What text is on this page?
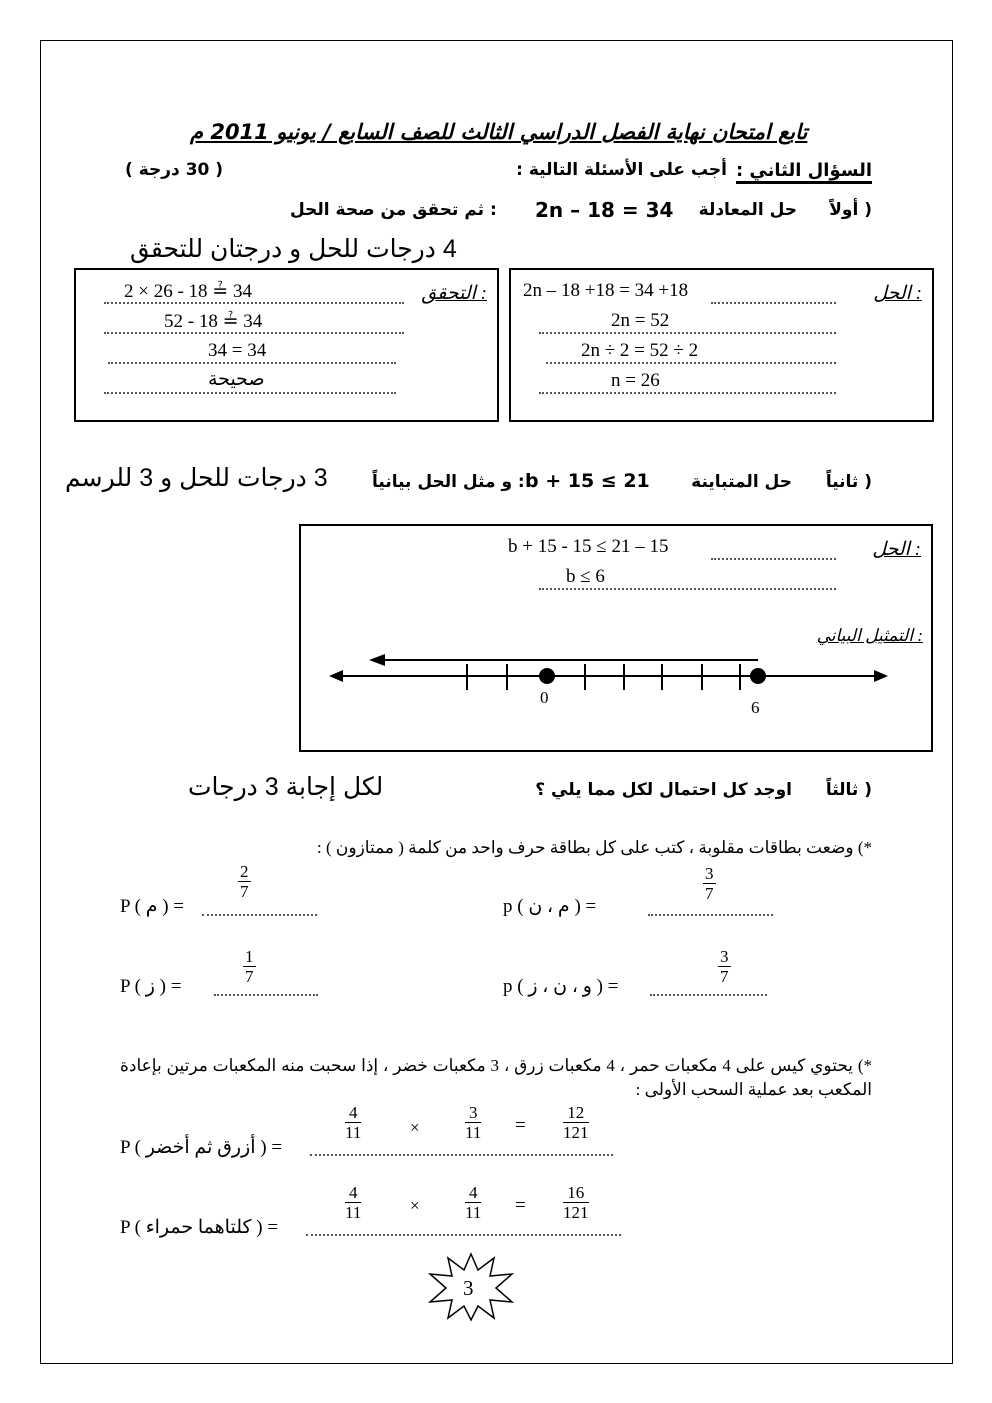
تابع امتحان نهاية الفصل الدراسي الثالث للصف السابع / يونيو 2011 م
السؤال الثاني :
أجب على الأسئلة التالية :
( 30 درجة )
أولاً )
حل المعادلة
2n – 18 = 34
ثم تحقق من صحة الحل :
4 درجات للحل و درجتان للتحقق
الحل :
2n – 18 +18 = 34 +18
2n = 52
2n ÷ 2 = 52 ÷ 2
n = 26
التحقق :
2 × 26 - 18 ≟ 34
52 - 18 ≟ 34
34 = 34
صحيحة
ثانياً )
حل المتباينة
b + 15 ≤ 21
و مثل الحل بيانياً :
3 درجات للحل و 3 للرسم
الحل :
b + 15 - 15 ≤ 21 – 15
b ≤ 6
التمثيل البياني :
0
6
ثالثاً )
اوجد كل احتمال لكل مما يلي ؟
لكل إجابة 3 درجات
*) وضعت بطاقات مقلوبة ، كتب على كل بطاقة حرف واحد من كلمة ( ممتازون ) :
P ( م ) =
$\frac{2}{7}$
p ( م ، ن ) =
$\frac{3}{7}$
P ( ز ) =
$\frac{1}{7}$
p ( و ، ن ، ز ) =
$\frac{3}{7}$
*) يحتوي كيس على 4 مكعبات حمر ، 4 مكعبات زرق ، 3 مكعبات خضر ، إذا سحبت منه المكعبات مرتين بإعادة المكعب بعد عملية السحب الأولى :
P ( أزرق ثم أخضر ) =
$\frac{4}{11}$	×	$\frac{3}{11} = \frac{12}{121}$
P ( كلتاهما حمراء ) =
$\frac{4}{11}$	×	$\frac{4}{11} = \frac{16}{121}$
3
